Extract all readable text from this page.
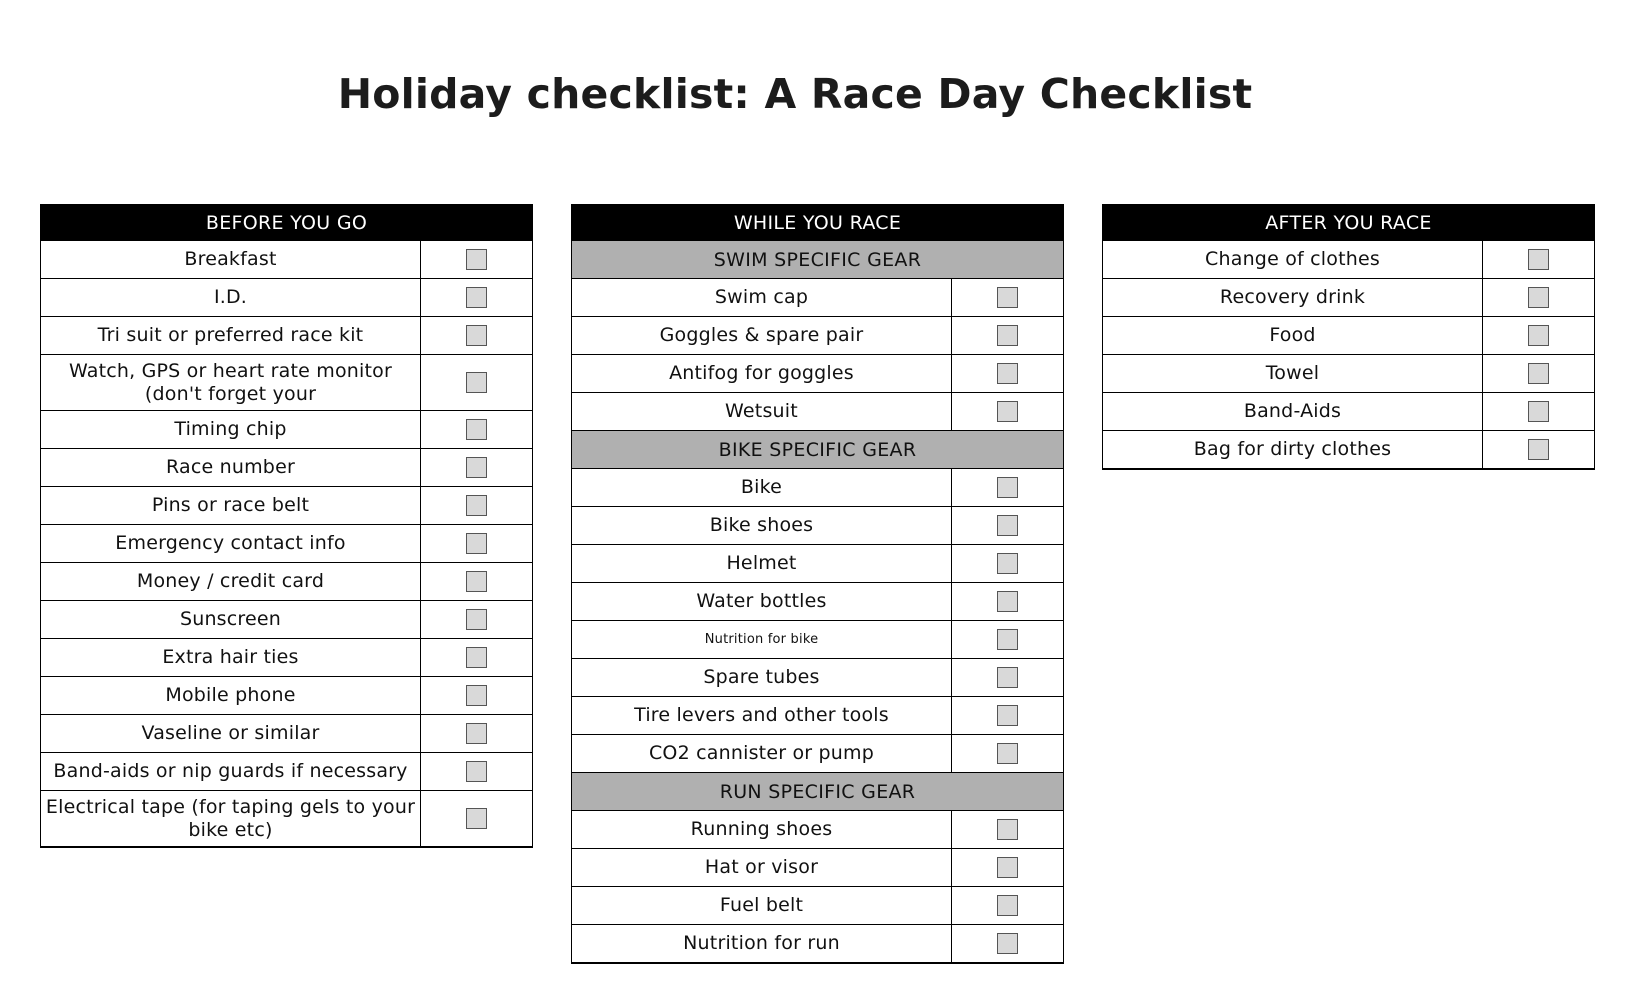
Holiday checklist: A Race Day Checklist
BEFORE YOU GO
Breakfast
I.D.
Tri suit or preferred race kit
Watch, GPS or heart rate monitor (don't forget your
Timing chip
Race number
Pins or race belt
Emergency contact info
Money / credit card
Sunscreen
Extra hair ties
Mobile phone
Vaseline or similar
Band-aids or nip guards if necessary
Electrical tape (for taping gels to your bike etc)
WHILE YOU RACE
SWIM SPECIFIC GEAR
Swim cap
Goggles & spare pair
Antifog for goggles
Wetsuit
BIKE SPECIFIC GEAR
Bike
Bike shoes
Helmet
Water bottles
Nutrition for bike
Spare tubes
Tire levers and other tools
CO2 cannister or pump
RUN SPECIFIC GEAR
Running shoes
Hat or visor
Fuel belt
Nutrition for run
AFTER YOU RACE
Change of clothes
Recovery drink
Food
Towel
Band-Aids
Bag for dirty clothes
